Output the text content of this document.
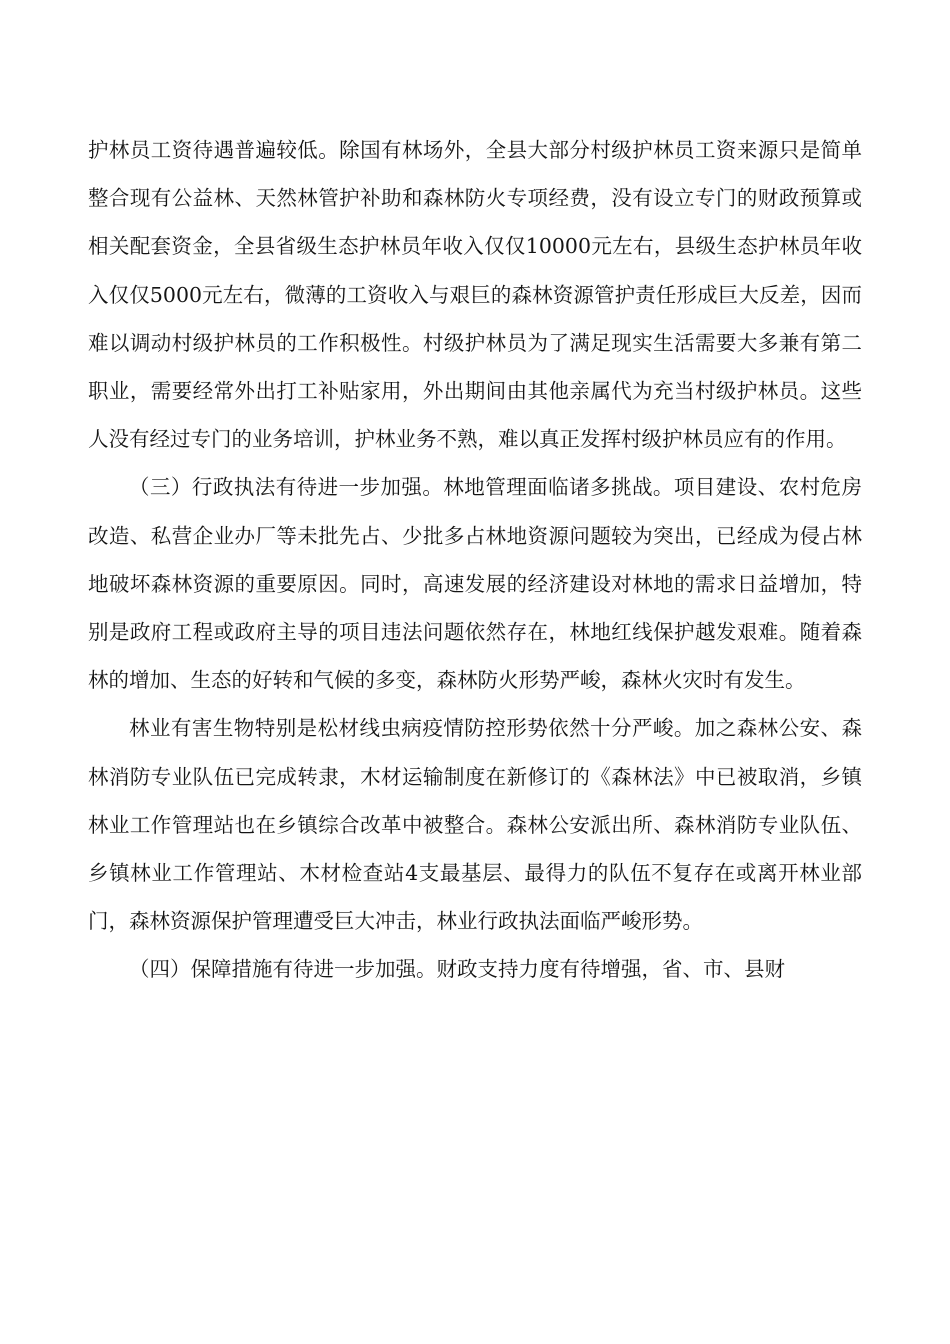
护林员工资待遇普遍较低。除国有林场外，全县大部分村级护林员工资来源只是简单整合现有公益林、天然林管护补助和森林防火专项经费，没有设立专门的财政预算或相关配套资金，全县省级生态护林员年收入仅仅10000元左右，县级生态护林员年收入仅仅5000元左右，微薄的工资收入与艰巨的森林资源管护责任形成巨大反差，因而难以调动村级护林员的工作积极性。村级护林员为了满足现实生活需要大多兼有第二职业，需要经常外出打工补贴家用，外出期间由其他亲属代为充当村级护林员。这些人没有经过专门的业务培训，护林业务不熟，难以真正发挥村级护林员应有的作用。

（三）行政执法有待进一步加强。林地管理面临诸多挑战。项目建设、农村危房改造、私营企业办厂等未批先占、少批多占林地资源问题较为突出，已经成为侵占林地破坏森林资源的重要原因。同时，高速发展的经济建设对林地的需求日益增加，特别是政府工程或政府主导的项目违法问题依然存在，林地红线保护越发艰难。随着森林的增加、生态的好转和气候的多变，森林防火形势严峻，森林火灾时有发生。

林业有害生物特别是松材线虫病疫情防控形势依然十分严峻。加之森林公安、森林消防专业队伍已完成转隶，木材运输制度在新修订的《森林法》中已被取消，乡镇林业工作管理站也在乡镇综合改革中被整合。森林公安派出所、森林消防专业队伍、乡镇林业工作管理站、木材检查站4支最基层、最得力的队伍不复存在或离开林业部门，森林资源保护管理遭受巨大冲击，林业行政执法面临严峻形势。

（四）保障措施有待进一步加强。财政支持力度有待增强，省、市、县财
